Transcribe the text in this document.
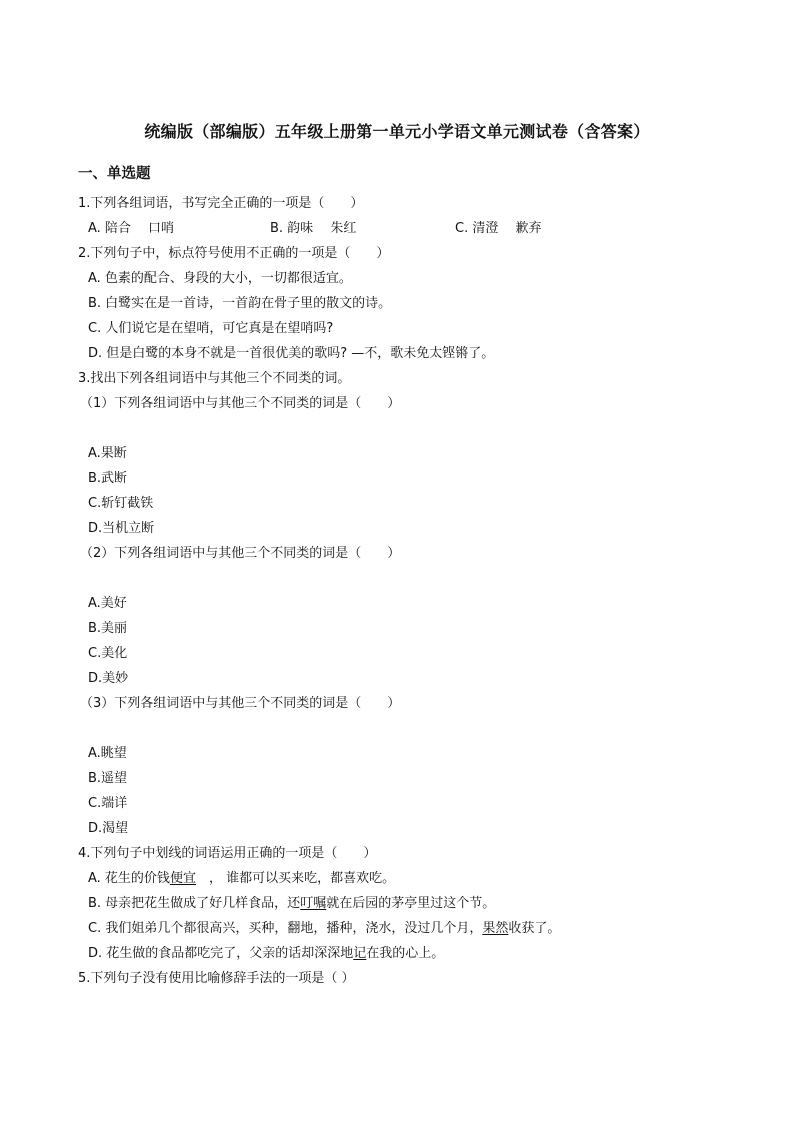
统编版（部编版）五年级上册第一单元小学语文单元测试卷（含答案）
一、单选题
1.下列各组词语，书写完全正确的一项是（　　）
A. 陪合　 口哨	B. 韵味　 朱红	C. 清澄　 歉弃
2.下列句子中，标点符号使用不正确的一项是（　　）
A. 色素的配合、身段的大小，一切都很适宜。
B. 白鹭实在是一首诗，一首韵在骨子里的散文的诗。
C. 人们说它是在望哨，可它真是在望哨吗?
D. 但是白鹭的本身不就是一首很优美的歌吗? —不，歌未免太铿锵了。
3.找出下列各组词语中与其他三个不同类的词。
（1）下列各组词语中与其他三个不同类的词是（　　）
A.果断
B.武断
C.斩钉截铁
D.当机立断
（2）下列各组词语中与其他三个不同类的词是（　　）
A.美好
B.美丽
C.美化
D.美妙
（3）下列各组词语中与其他三个不同类的词是（　　）
A.眺望
B.遥望
C.端详
D.渴望
4.下列句子中划线的词语运用正确的一项是（　　）
A. 花生的价钱便宜　， 谁都可以买来吃，都喜欢吃。
B. 母亲把花生做成了好几样食品，还叮嘱就在后园的茅亭里过这个节。
C. 我们姐弟几个都很高兴，买种，翻地，播种，浇水，没过几个月，果然收获了。
D. 花生做的食品都吃完了，父亲的话却深深地记在我的心上。
5.下列句子没有使用比喻修辞手法的一项是（ ）
